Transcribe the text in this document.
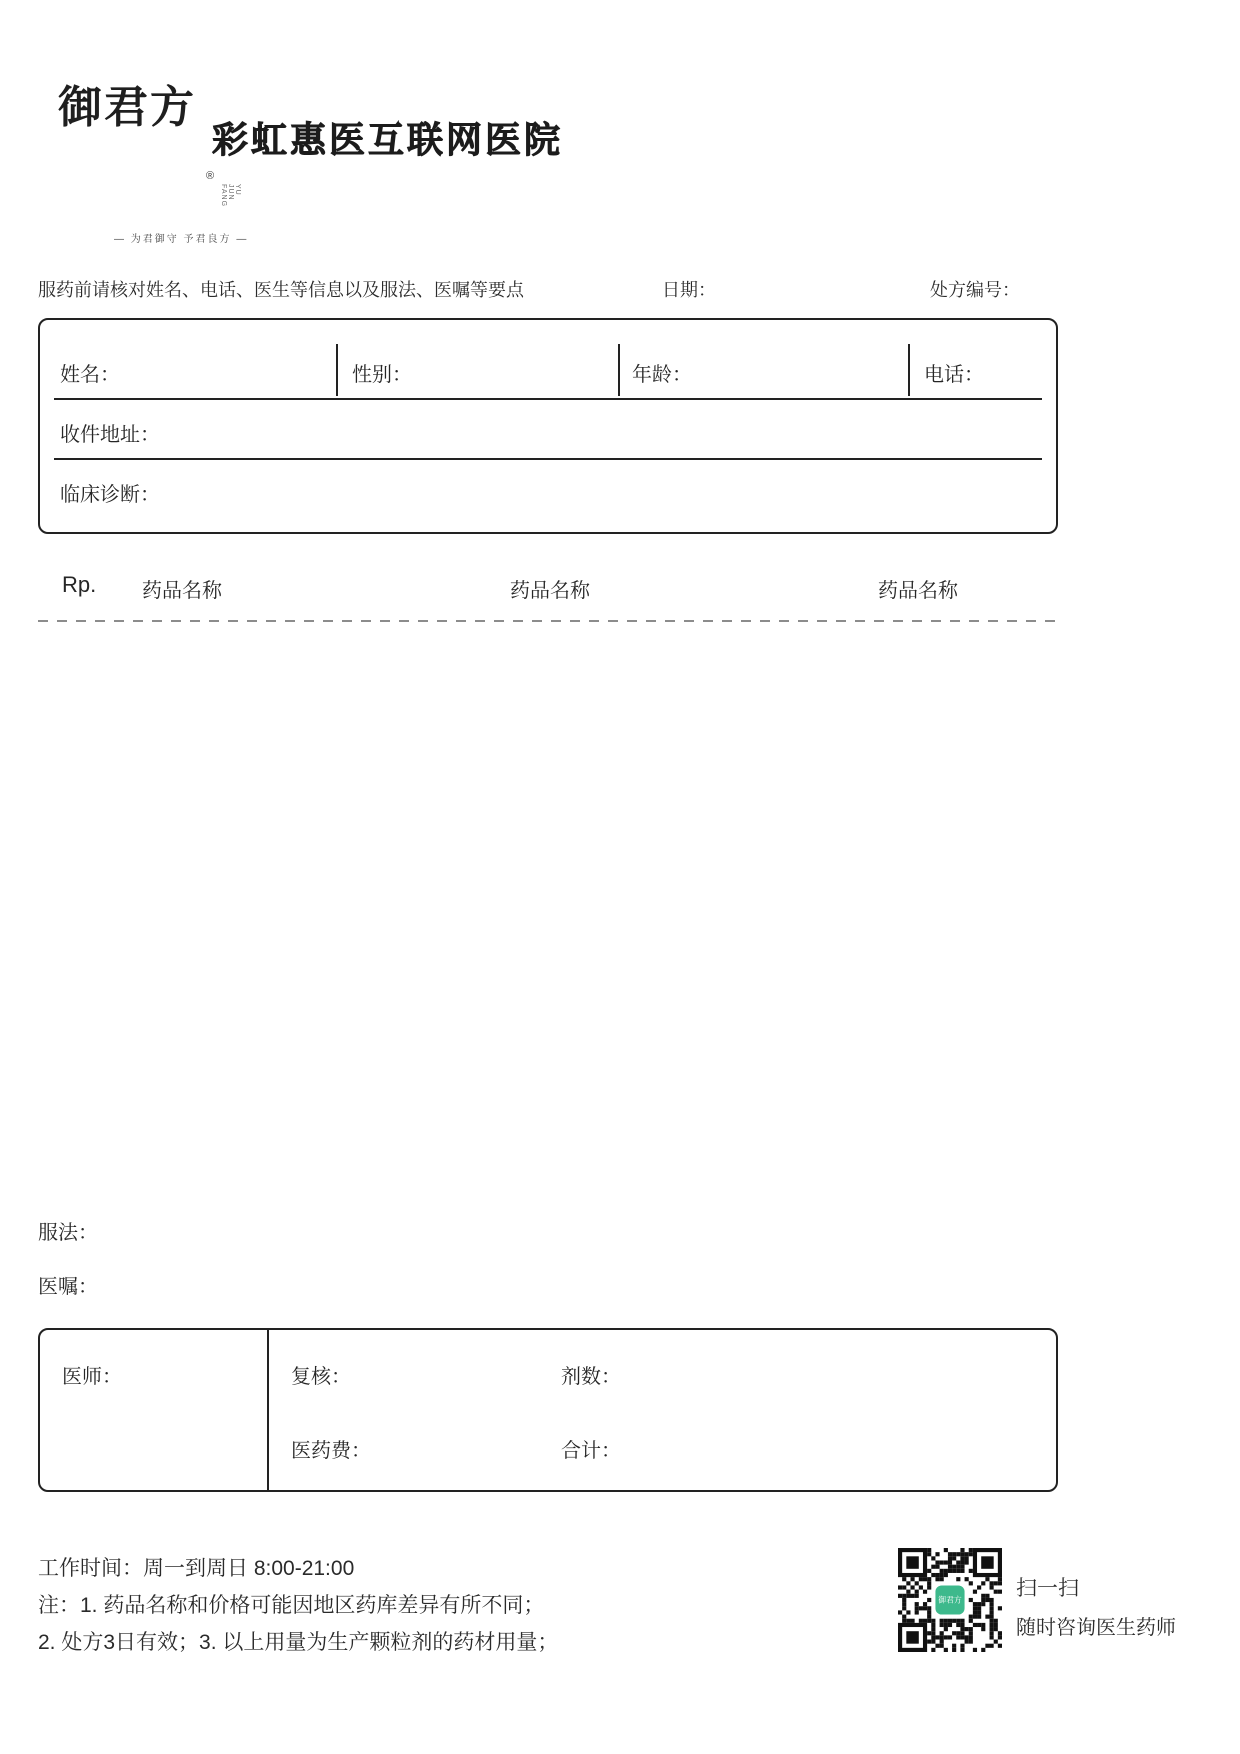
御君方
®
YU JUN FANG
— 为君御守 予君良方 —
彩虹惠医互联网医院
服药前请核对姓名、电话、医生等信息以及服法、医嘱等要点	日期：	处方编号：
姓名：	性别：	年龄：	电话：
收件地址：
临床诊断：
Rp. 药品名称	药品名称	药品名称
服法：
医嘱：
医师：	复核：	剂数：
医药费：	合计：
工作时间：周一到周日 8:00-21:00
注：1. 药品名称和价格可能因地区药库差异有所不同；
2. 处方3日有效；3. 以上用量为生产颗粒剂的药材用量；
御君方
扫一扫
随时咨询医生药师
